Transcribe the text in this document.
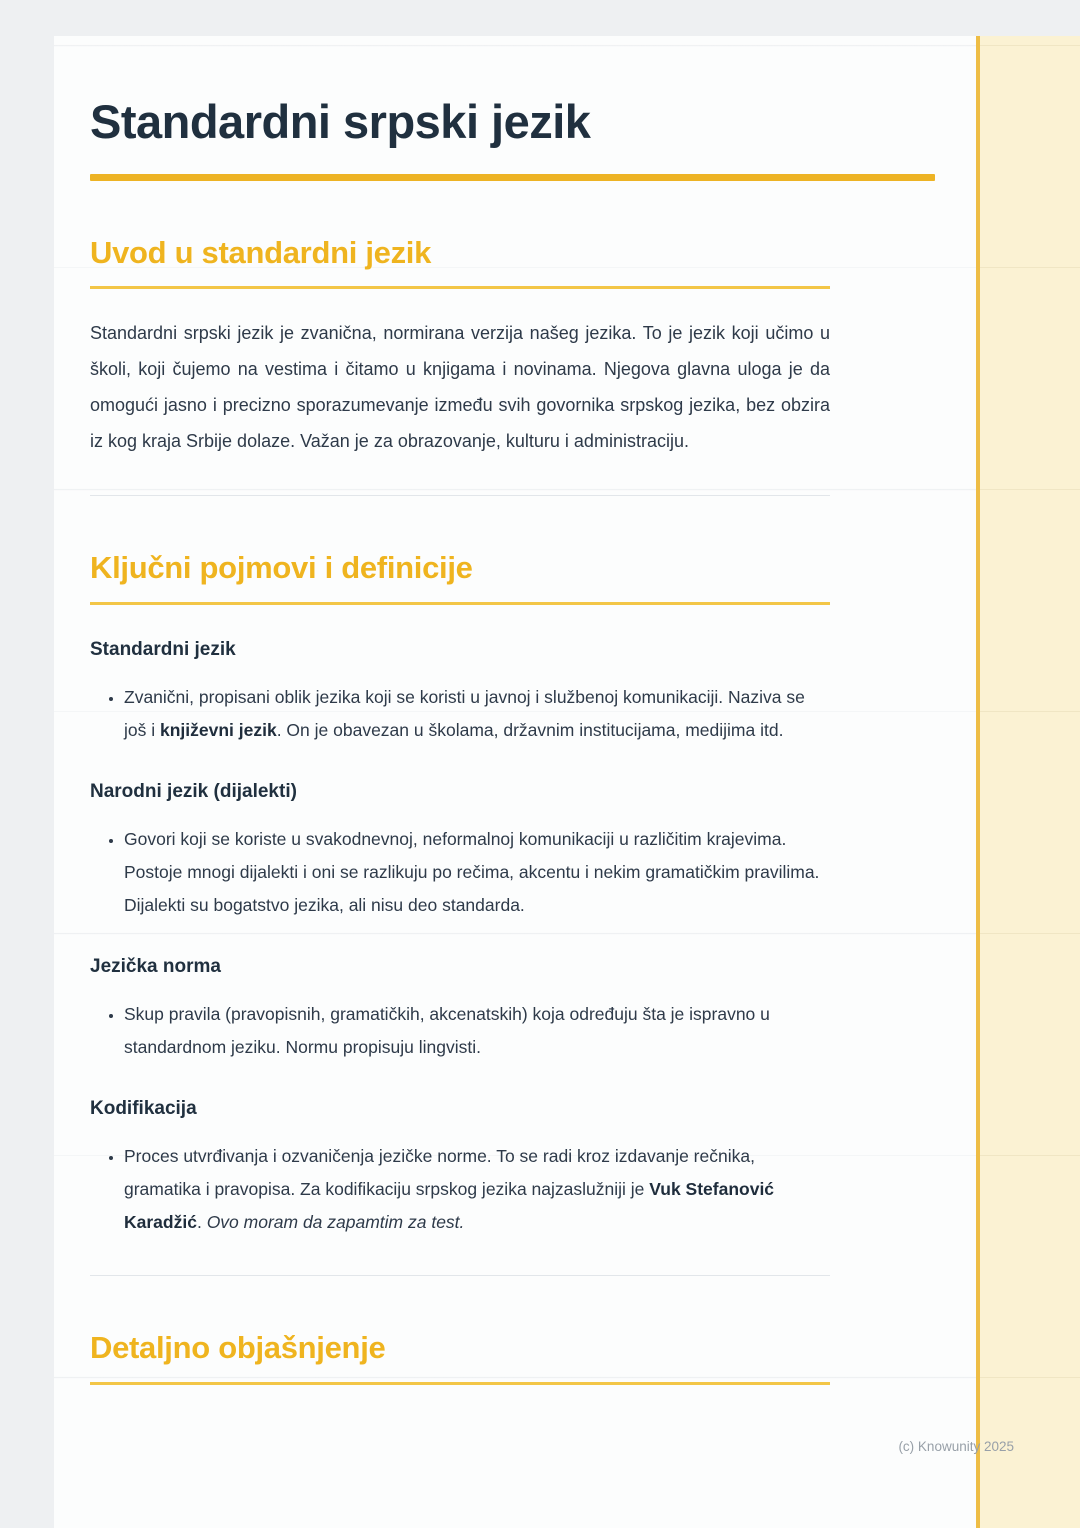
Standardni srpski jezik
Uvod u standardni jezik

Standardni srpski jezik je zvanična, normirana verzija našeg jezika. To je jezik koji učimo u školi, koji čujemo na vestima i čitamo u knjigama i novinama. Njegova glavna uloga je da omogući jasno i precizno sporazumevanje između svih govornika srpskog jezika, bez obzira iz kog kraja Srbije dolaze. Važan je za obrazovanje, kulturu i administraciju.

Ključni pojmovi i definicije
Standardni jezik
• Zvanični, propisani oblik jezika koji se koristi u javnoj i službenoj komunikaciji. Naziva se još i književni jezik. On je obavezan u školama, državnim institucijama, medijima itd.
Narodni jezik (dijalekti)
• Govori koji se koriste u svakodnevnoj, neformalnoj komunikaciji u različitim krajevima. Postoje mnogi dijalekti i oni se razlikuju po rečima, akcentu i nekim gramatičkim pravilima. Dijalekti su bogatstvo jezika, ali nisu deo standarda.
Jezička norma
• Skup pravila (pravopisnih, gramatičkih, akcenatskih) koja određuju šta je ispravno u standardnom jeziku. Normu propisuju lingvisti.
Kodifikacija
• Proces utvrđivanja i ozvaničenja jezičke norme. To se radi kroz izdavanje rečnika, gramatika i pravopisa. Za kodifikaciju srpskog jezika najzaslužniji je Vuk Stefanović Karadžić. Ovo moram da zapamtim za test.
Detaljno objašnjenje
(c) Knowunity 2025
